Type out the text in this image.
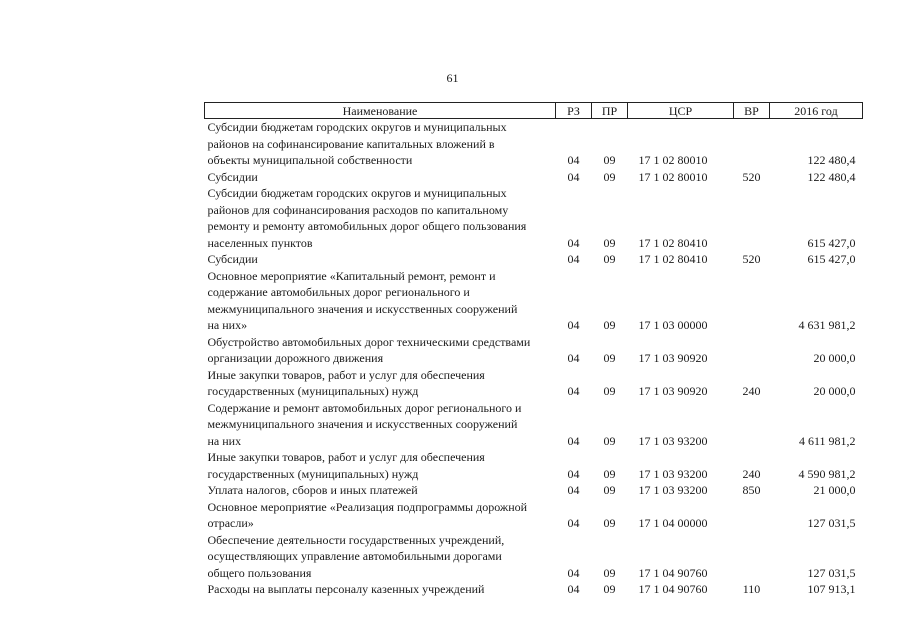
61
Наименование	РЗ	ПР	ЦСР	ВР	2016 год
Субсидии бюджетам городских округов и муниципальных
районов на софинансирование капитальных вложений в
объекты муниципальной собственности	04	09	17 1 02 80010		122 480,4
Субсидии	04	09	17 1 02 80010	520	122 480,4
Субсидии бюджетам городских округов и муниципальных
районов для софинансирования расходов по капитальному
ремонту и ремонту автомобильных дорог общего пользования
населенных пунктов	04	09	17 1 02 80410		615 427,0
Субсидии	04	09	17 1 02 80410	520	615 427,0
Основное мероприятие «Капитальный ремонт, ремонт и
содержание автомобильных дорог регионального и
межмуниципального значения и искусственных сооружений
на них»	04	09	17 1 03 00000		4 631 981,2
Обустройство автомобильных дорог техническими средствами
организации дорожного движения	04	09	17 1 03 90920		20 000,0
Иные закупки товаров, работ и услуг для обеспечения
государственных (муниципальных) нужд	04	09	17 1 03 90920	240	20 000,0
Содержание и ремонт автомобильных дорог регионального и
межмуниципального значения и искусственных сооружений
на них	04	09	17 1 03 93200		4 611 981,2
Иные закупки товаров, работ и услуг для обеспечения
государственных (муниципальных) нужд	04	09	17 1 03 93200	240	4 590 981,2
Уплата налогов, сборов и иных платежей	04	09	17 1 03 93200	850	21 000,0
Основное мероприятие «Реализация подпрограммы дорожной
отрасли»	04	09	17 1 04 00000		127 031,5
Обеспечение деятельности государственных учреждений,
осуществляющих управление автомобильными дорогами
общего пользования	04	09	17 1 04 90760		127 031,5
Расходы на выплаты персоналу казенных учреждений	04	09	17 1 04 90760	110	107 913,1
